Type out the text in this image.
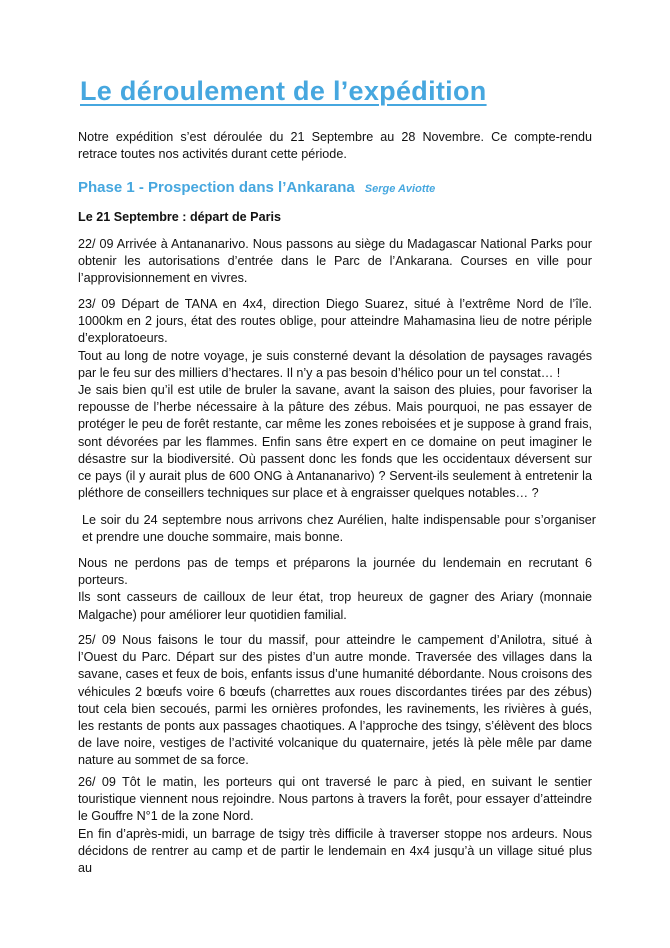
Le déroulement de l’expédition

Notre expédition s’est déroulée du 21 Septembre au 28 Novembre. Ce compte-rendu retrace toutes nos activités durant cette période.

Phase 1 - Prospection dans l’Ankarana Serge Aviotte
Le 21 Septembre : départ de Paris

22/ 09 Arrivée à Antananarivo. Nous passons au siège du Madagascar National Parks pour obtenir les autorisations d’entrée dans le Parc de l’Ankarana. Courses en ville pour l’approvisionnement en vivres.

23/ 09 Départ de TANA en 4x4, direction Diego Suarez, situé à l’extrême Nord de l’île. 1000km en 2 jours, état des routes oblige, pour atteindre Mahamasina lieu de notre périple d’exploratoeurs.

Tout au long de notre voyage, je suis consterné devant la désolation de paysages ravagés par le feu sur des milliers d’hectares. Il n’y a pas besoin d’hélico pour un tel constat… !

Je sais bien qu’il est utile de bruler la savane, avant la saison des pluies, pour favoriser la repousse de l’herbe nécessaire à la pâture des zébus. Mais pourquoi, ne pas essayer de protéger le peu de forêt restante, car même les zones reboisées et je suppose à grand frais, sont dévorées par les flammes. Enfin sans être expert en ce domaine on peut imaginer le désastre sur la biodiversité. Où passent donc les fonds que les occidentaux déversent sur ce pays (il y aurait plus de 600 ONG à Antananarivo) ? Servent-ils seulement à entretenir la pléthore de conseillers techniques sur place et à engraisser quelques notables… ?

Le soir du 24 septembre nous arrivons chez Aurélien, halte indispensable pour s’organiser et prendre une douche sommaire, mais bonne.

Nous ne perdons pas de temps et préparons la journée du lendemain en recrutant 6 porteurs.

Ils sont casseurs de cailloux de leur état, trop heureux de gagner des Ariary (monnaie Malgache) pour améliorer leur quotidien familial.

25/ 09 Nous faisons le tour du massif, pour atteindre le campement d’Anilotra, situé à l’Ouest du Parc. Départ sur des pistes d’un autre monde. Traversée des villages dans la savane, cases et feux de bois, enfants issus d’une humanité débordante. Nous croisons des véhicules 2 bœufs voire 6 bœufs (charrettes aux roues discordantes tirées par des zébus) tout cela bien secoués, parmi les ornières profondes, les ravinements, les rivières à gués, les restants de ponts aux passages chaotiques. A l’approche des tsingy, s’élèvent des blocs de lave noire, vestiges de l’activité volcanique du quaternaire, jetés là pèle mêle par dame nature au sommet de sa force.

26/ 09 Tôt le matin, les porteurs qui ont traversé le parc à pied, en suivant le sentier touristique viennent nous rejoindre. Nous partons à travers la forêt, pour essayer d’atteindre le Gouffre N°1 de la zone Nord.

En fin d’après-midi, un barrage de tsigy très difficile à traverser stoppe nos ardeurs. Nous décidons de rentrer au camp et de partir le lendemain en 4x4 jusqu’à un village situé plus au
